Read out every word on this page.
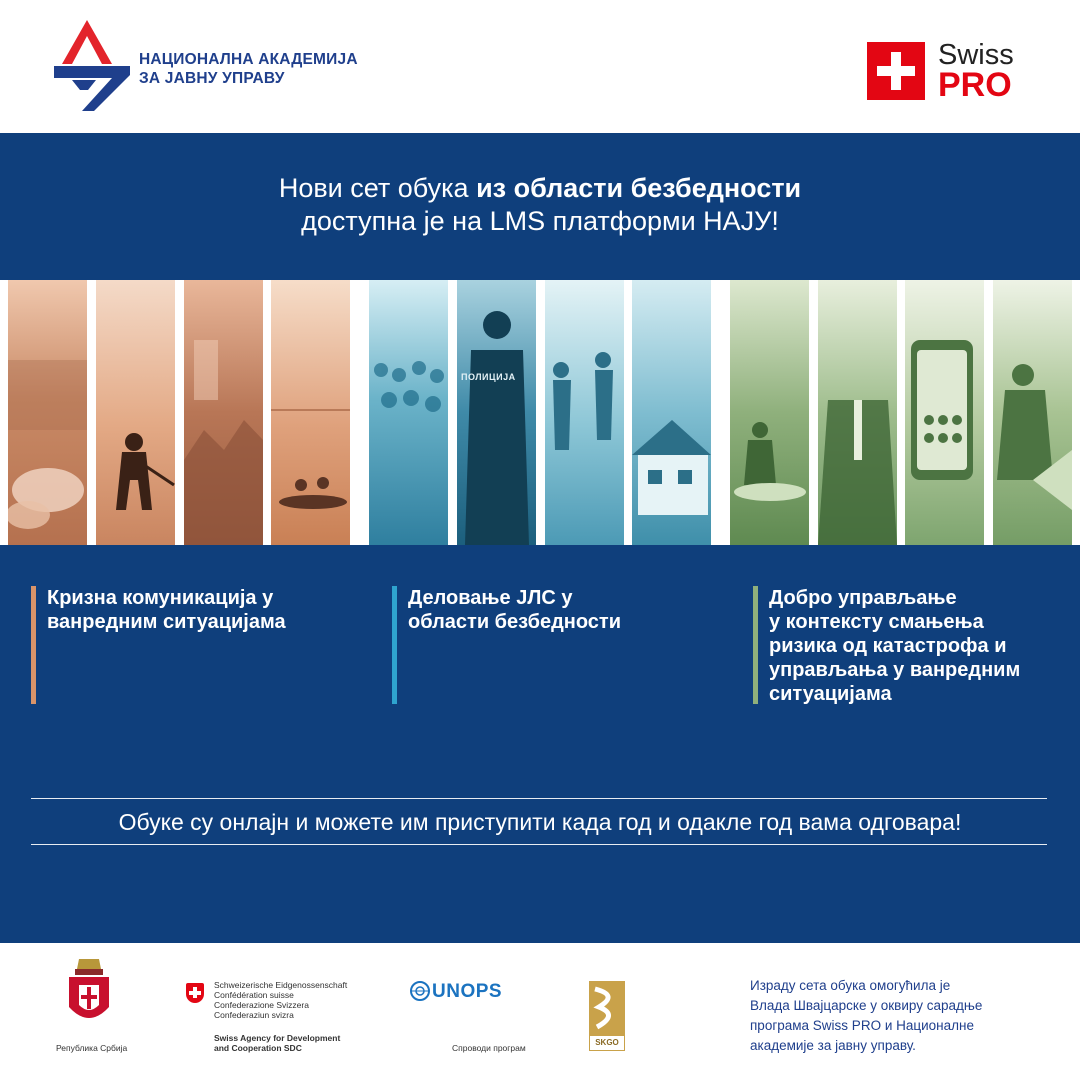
НАЦИОНАЛНА АКАДЕМИЈА
ЗА ЈАВНУ УПРАВУ
Swiss
PRO
Нови сет обука из области безбедности
доступна је на LMS платформи НАЈУ!
ПОЛИЦИЈА
Кризна комуникација у
ванредним ситуацијама
Деловање ЈЛС у
области безбедности
Добро управљање
у контексту смањења
ризика од катастрофа и
управљања у ванредним
ситуацијама
Обуке су онлајн и можете им приступити када год и одакле год вама одговара!
Република Србија
Schweizerische Eidgenossenschaft
Confédération suisse
Confederazione Svizzera
Confederaziun svizra
Swiss Agency for Development
and Cooperation SDC
UNOPS
Спроводи програм
SKGO
Израду сета обука омогућила је
Влада Швајцарске у оквиру сарадње
програма Swiss PRO и Националне
академије за јавну управу.
